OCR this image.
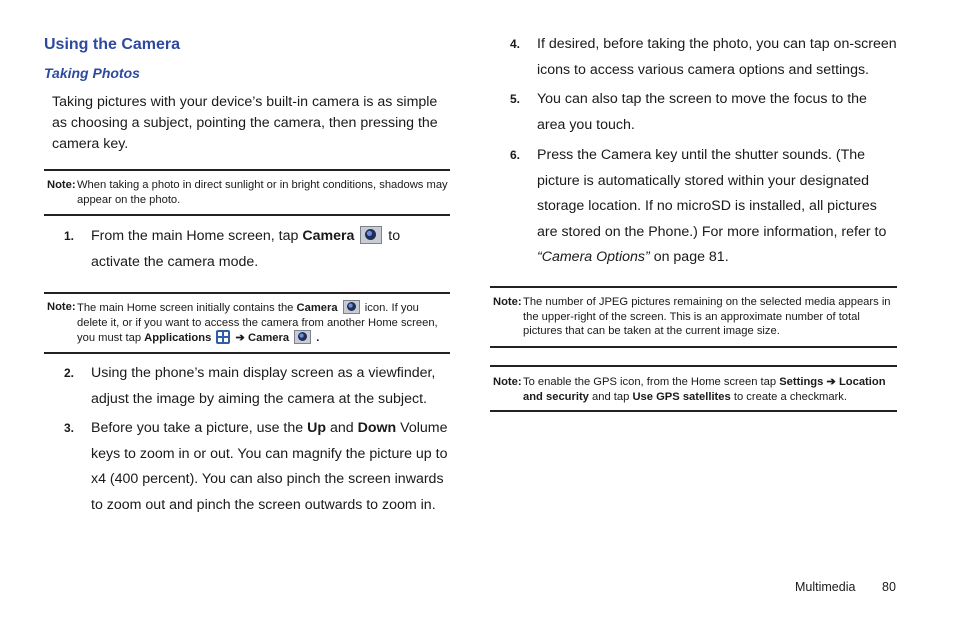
Using the Camera
Taking Photos
Taking pictures with your device’s built-in camera is as simple as choosing a subject, pointing the camera, then pressing the camera key.
Note: When taking a photo in direct sunlight or in bright conditions, shadows may appear on the photo.
1.	From the main Home screen, tap Camera  to activate the camera mode.
Note: The main Home screen initially contains the Camera  icon. If you delete it, or if you want to access the camera from another Home screen, you must tap Applications ➔ Camera .
2.	Using the phone’s main display screen as a viewfinder, adjust the image by aiming the camera at the subject.
3.	Before you take a picture, use the Up and Down Volume keys to zoom in or out. You can magnify the picture up to x4 (400 percent). You can also pinch the screen inwards to zoom out and pinch the screen outwards to zoom in.
4.	If desired, before taking the photo, you can tap on-screen icons to access various camera options and settings.
5.	You can also tap the screen to move the focus to the area you touch.
6.	Press the Camera key until the shutter sounds. (The picture is automatically stored within your designated storage location. If no microSD is installed, all pictures are stored on the Phone.) For more information, refer to “Camera Options” on page 81.
Note: The number of JPEG pictures remaining on the selected media appears in the upper-right of the screen. This is an approximate number of total pictures that can be taken at the current image size.
Note: To enable the GPS icon, from the Home screen tap Settings ➔ Location and security and tap Use GPS satellites to create a checkmark.
Multimedia 80
